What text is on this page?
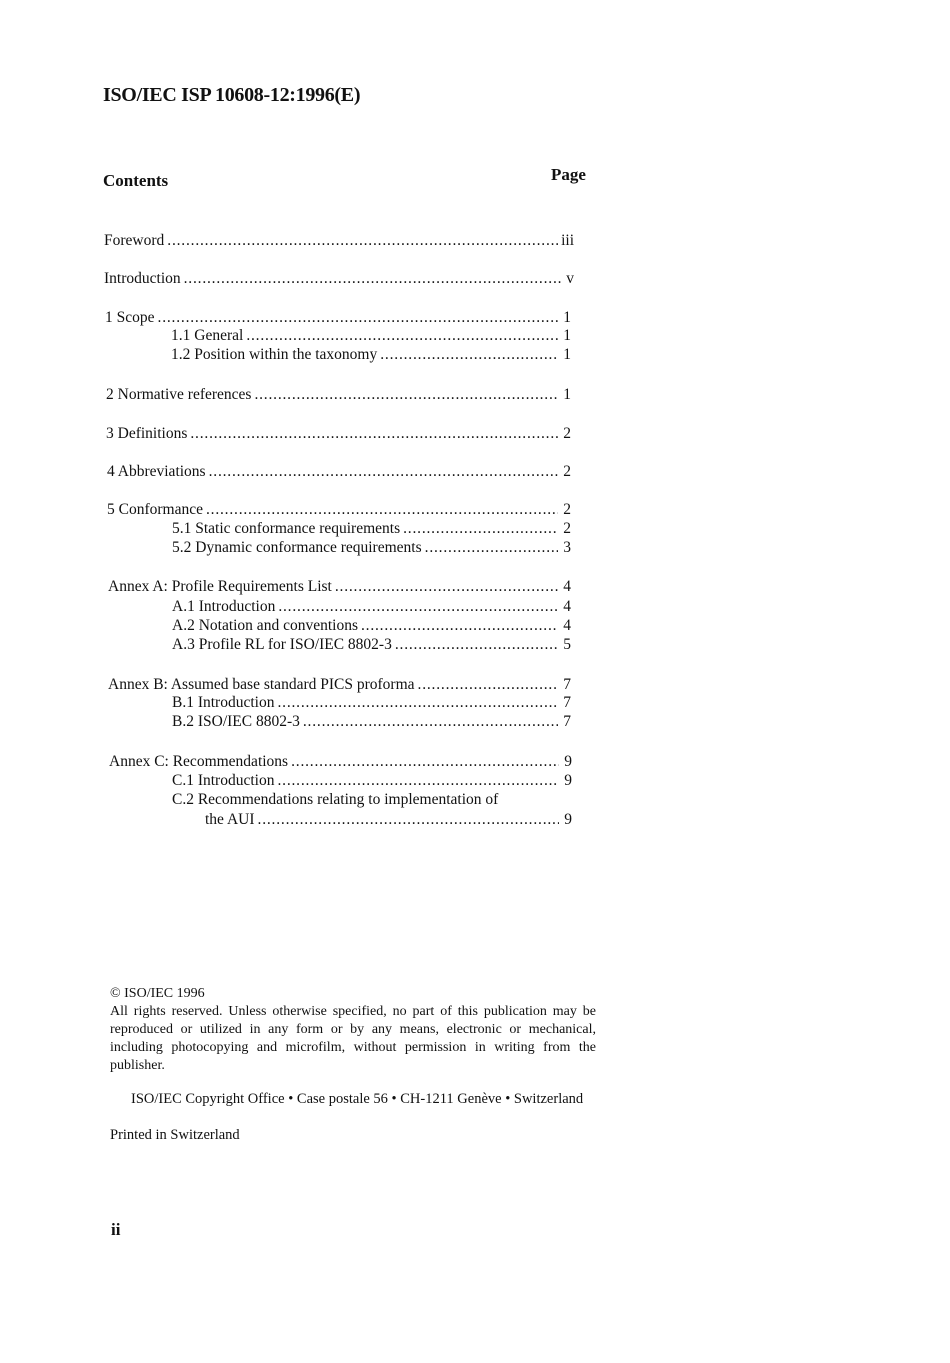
ISO/IEC ISP 10608-12:1996(E)
Contents	Page
Foreword .....	iii
Introduction .....	v
1 Scope .....	1
1.1 General .....	1
1.2 Position within the taxonomy .....	1
2 Normative references .....	1
3 Definitions .....	2
4 Abbreviations .....	2
5 Conformance .....	2
5.1 Static conformance requirements .....	2
5.2 Dynamic conformance requirements .....	3
Annex A: Profile Requirements List .....	4
A.1 Introduction .....	4
A.2 Notation and conventions .....	4
A.3 Profile RL for ISO/IEC 8802-3 .....	5
Annex B: Assumed base standard PICS proforma .....	7
B.1 Introduction .....	7
B.2 ISO/IEC 8802-3 .....	7
Annex C: Recommendations .....	9
C.1 Introduction .....	9
C.2 Recommendations relating to implementation of
the AUI .....	9
© ISO/IEC 1996
All rights reserved. Unless otherwise specified, no part of this publication may be reproduced or utilized in any form or by any means, electronic or mechanical, including photocopying and microfilm, without permission in writing from the publisher.
ISO/IEC Copyright Office • Case postale 56 • CH-1211 Genève • Switzerland
Printed in Switzerland
ii
